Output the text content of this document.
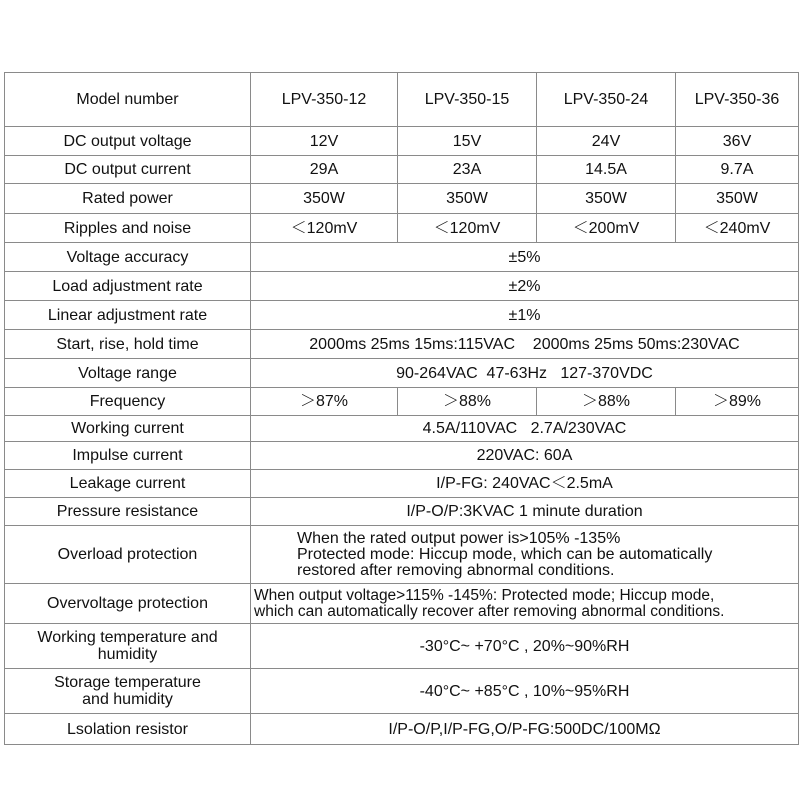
Model number	LPV-350-12	LPV-350-15	LPV-350-24	LPV-350-36
DC output voltage	12V	15V	24V	36V
DC output current	29A	23A	14.5A	9.7A
Rated power	350W	350W	350W	350W
Ripples and noise	＜120mV	＜120mV	＜200mV	＜240mV
Voltage accuracy	±5%			
Load adjustment rate	±2%			
Linear adjustment rate	±1%			
Start, rise, hold time	2000ms 25ms 15ms:115VAC    2000ms 25ms 50ms:230VAC			
Voltage range	90-264VAC  47-63Hz   127-370VDC			
Frequency	＞87%	＞88%	＞88%	＞89%
Working current	4.5A/110VAC   2.7A/230VAC			
Impulse current	220VAC: 60A			
Leakage current	I/P-FG: 240VAC＜2.5mA			
Pressure resistance	I/P-O/P:3KVAC 1 minute duration			
Overload protection	When the rated output power is>105% -135%
Protected mode: Hiccup mode, which can be automatically
restored after removing abnormal conditions.			

Overvoltage protection	When output voltage>115% -145%: Protected mode; Hiccup mode,
which can automatically recover after removing abnormal conditions.			

Working temperature and
humidity	-30°C~ +70°C , 20%~90%RH			

Storage temperature
and humidity	-40°C~ +85°C , 10%~95%RH			
Lsolation resistor	I/P-O/P,I/P-FG,O/P-FG:500DC/100MΩ			
